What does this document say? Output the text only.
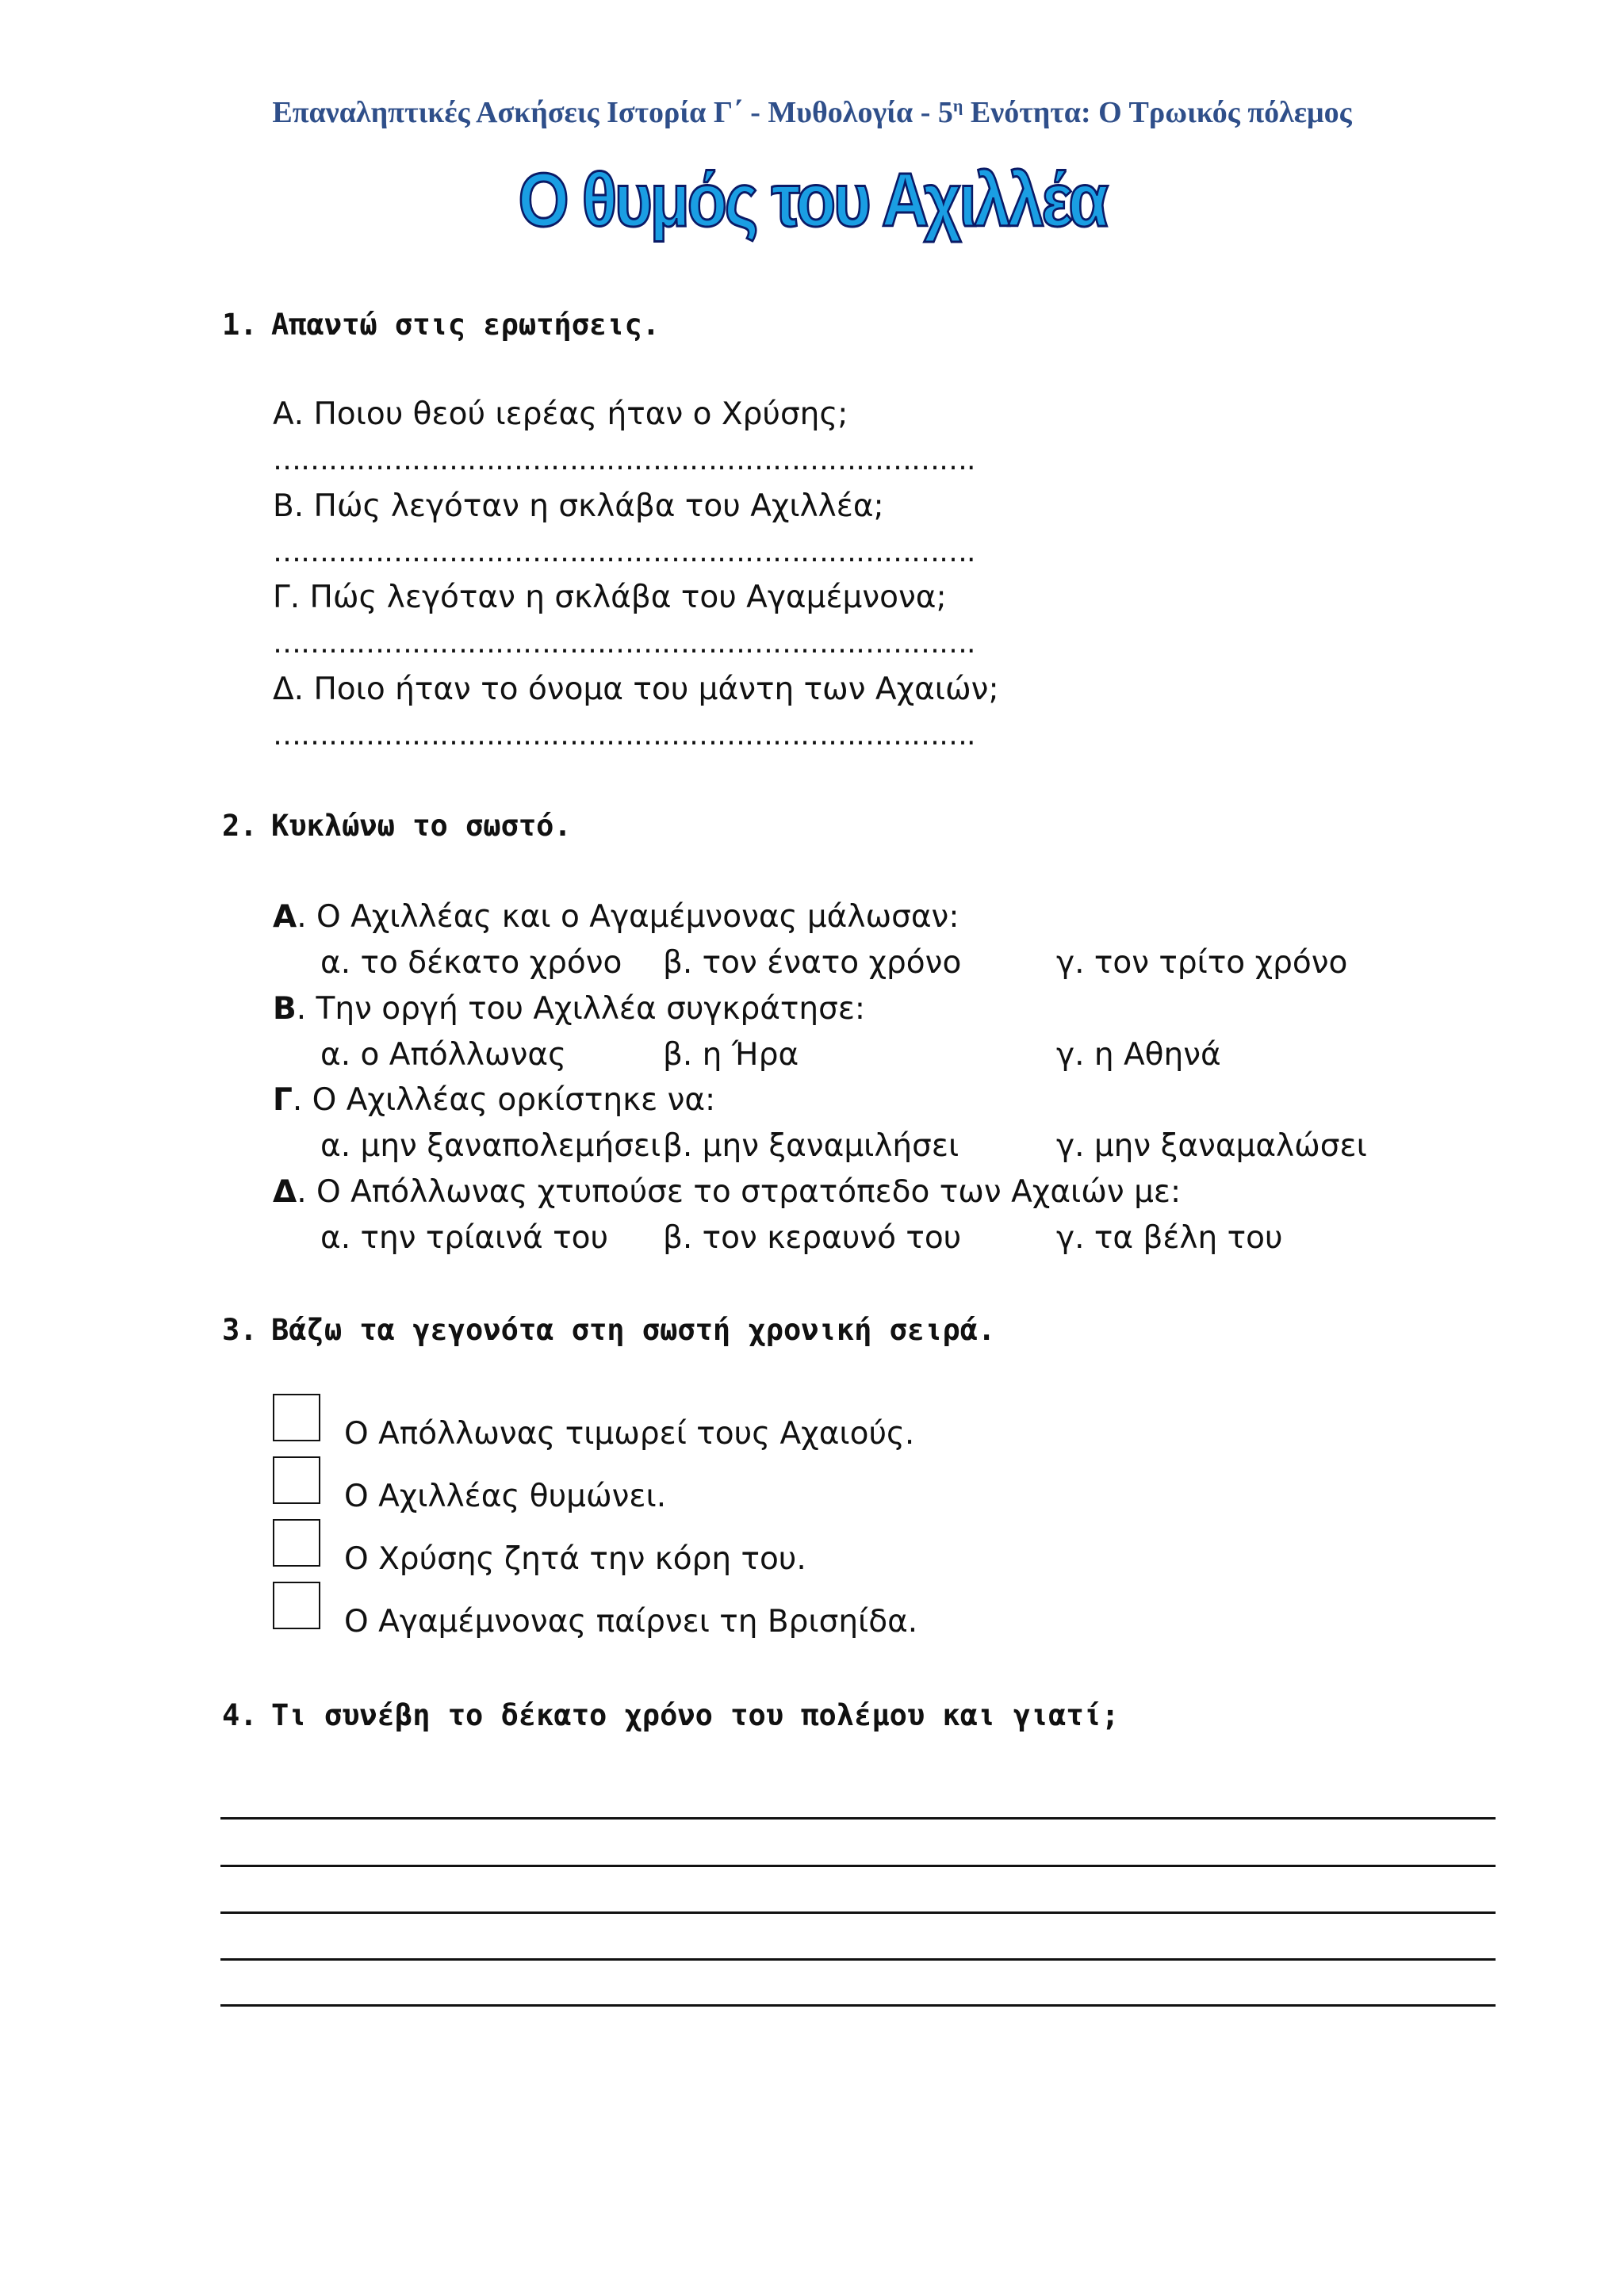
Επαναληπτικές Ασκήσεις Ιστορία Γ΄ - Μυθολογία - $5^\eta$ Ενότητα: Ο Τρωικός πόλεμος
Ο θυμός του Αχιλλέα
1. Απαντώ στις ερωτήσεις.
Α. Ποιου θεού ιερέας ήταν ο Χρύσης;
………………………………………………………………….
Β. Πώς λεγόταν η σκλάβα του Αχιλλέα;
………………………………………………………………….
Γ. Πώς λεγόταν η σκλάβα του Αγαμέμνονα;
………………………………………………………………….
Δ. Ποιο ήταν το όνομα του μάντη των Αχαιών;
………………………………………………………………….
2. Κυκλώνω το σωστό.
Α. Ο Αχιλλέας και ο Αγαμέμνονας μάλωσαν:
α. το δέκατο χρόνο β. τον ένατο χρόνο	γ. τον τρίτο χρόνο
Β. Την οργή του Αχιλλέα συγκράτησε:
α. ο Απόλλωνας	β. η Ήρα	γ. η Αθηνά
Γ. Ο Αχιλλέας ορκίστηκε να:
α. μην ξαναπολεμήσει β. μην ξαναμιλήσει	γ. μην ξαναμαλώσει
Δ. Ο Απόλλωνας χτυπούσε το στρατόπεδο των Αχαιών με:
α. την τρίαινά του β. τον κεραυνό του	γ. τα βέλη του
3. Βάζω τα γεγονότα στη σωστή χρονική σειρά.
Ο Απόλλωνας τιμωρεί τους Αχαιούς.
Ο Αχιλλέας θυμώνει.
Ο Χρύσης ζητά την κόρη του.
Ο Αγαμέμνονας παίρνει τη Βρισηίδα.
4. Τι συνέβη το δέκατο χρόνο του πολέμου και γιατί;
